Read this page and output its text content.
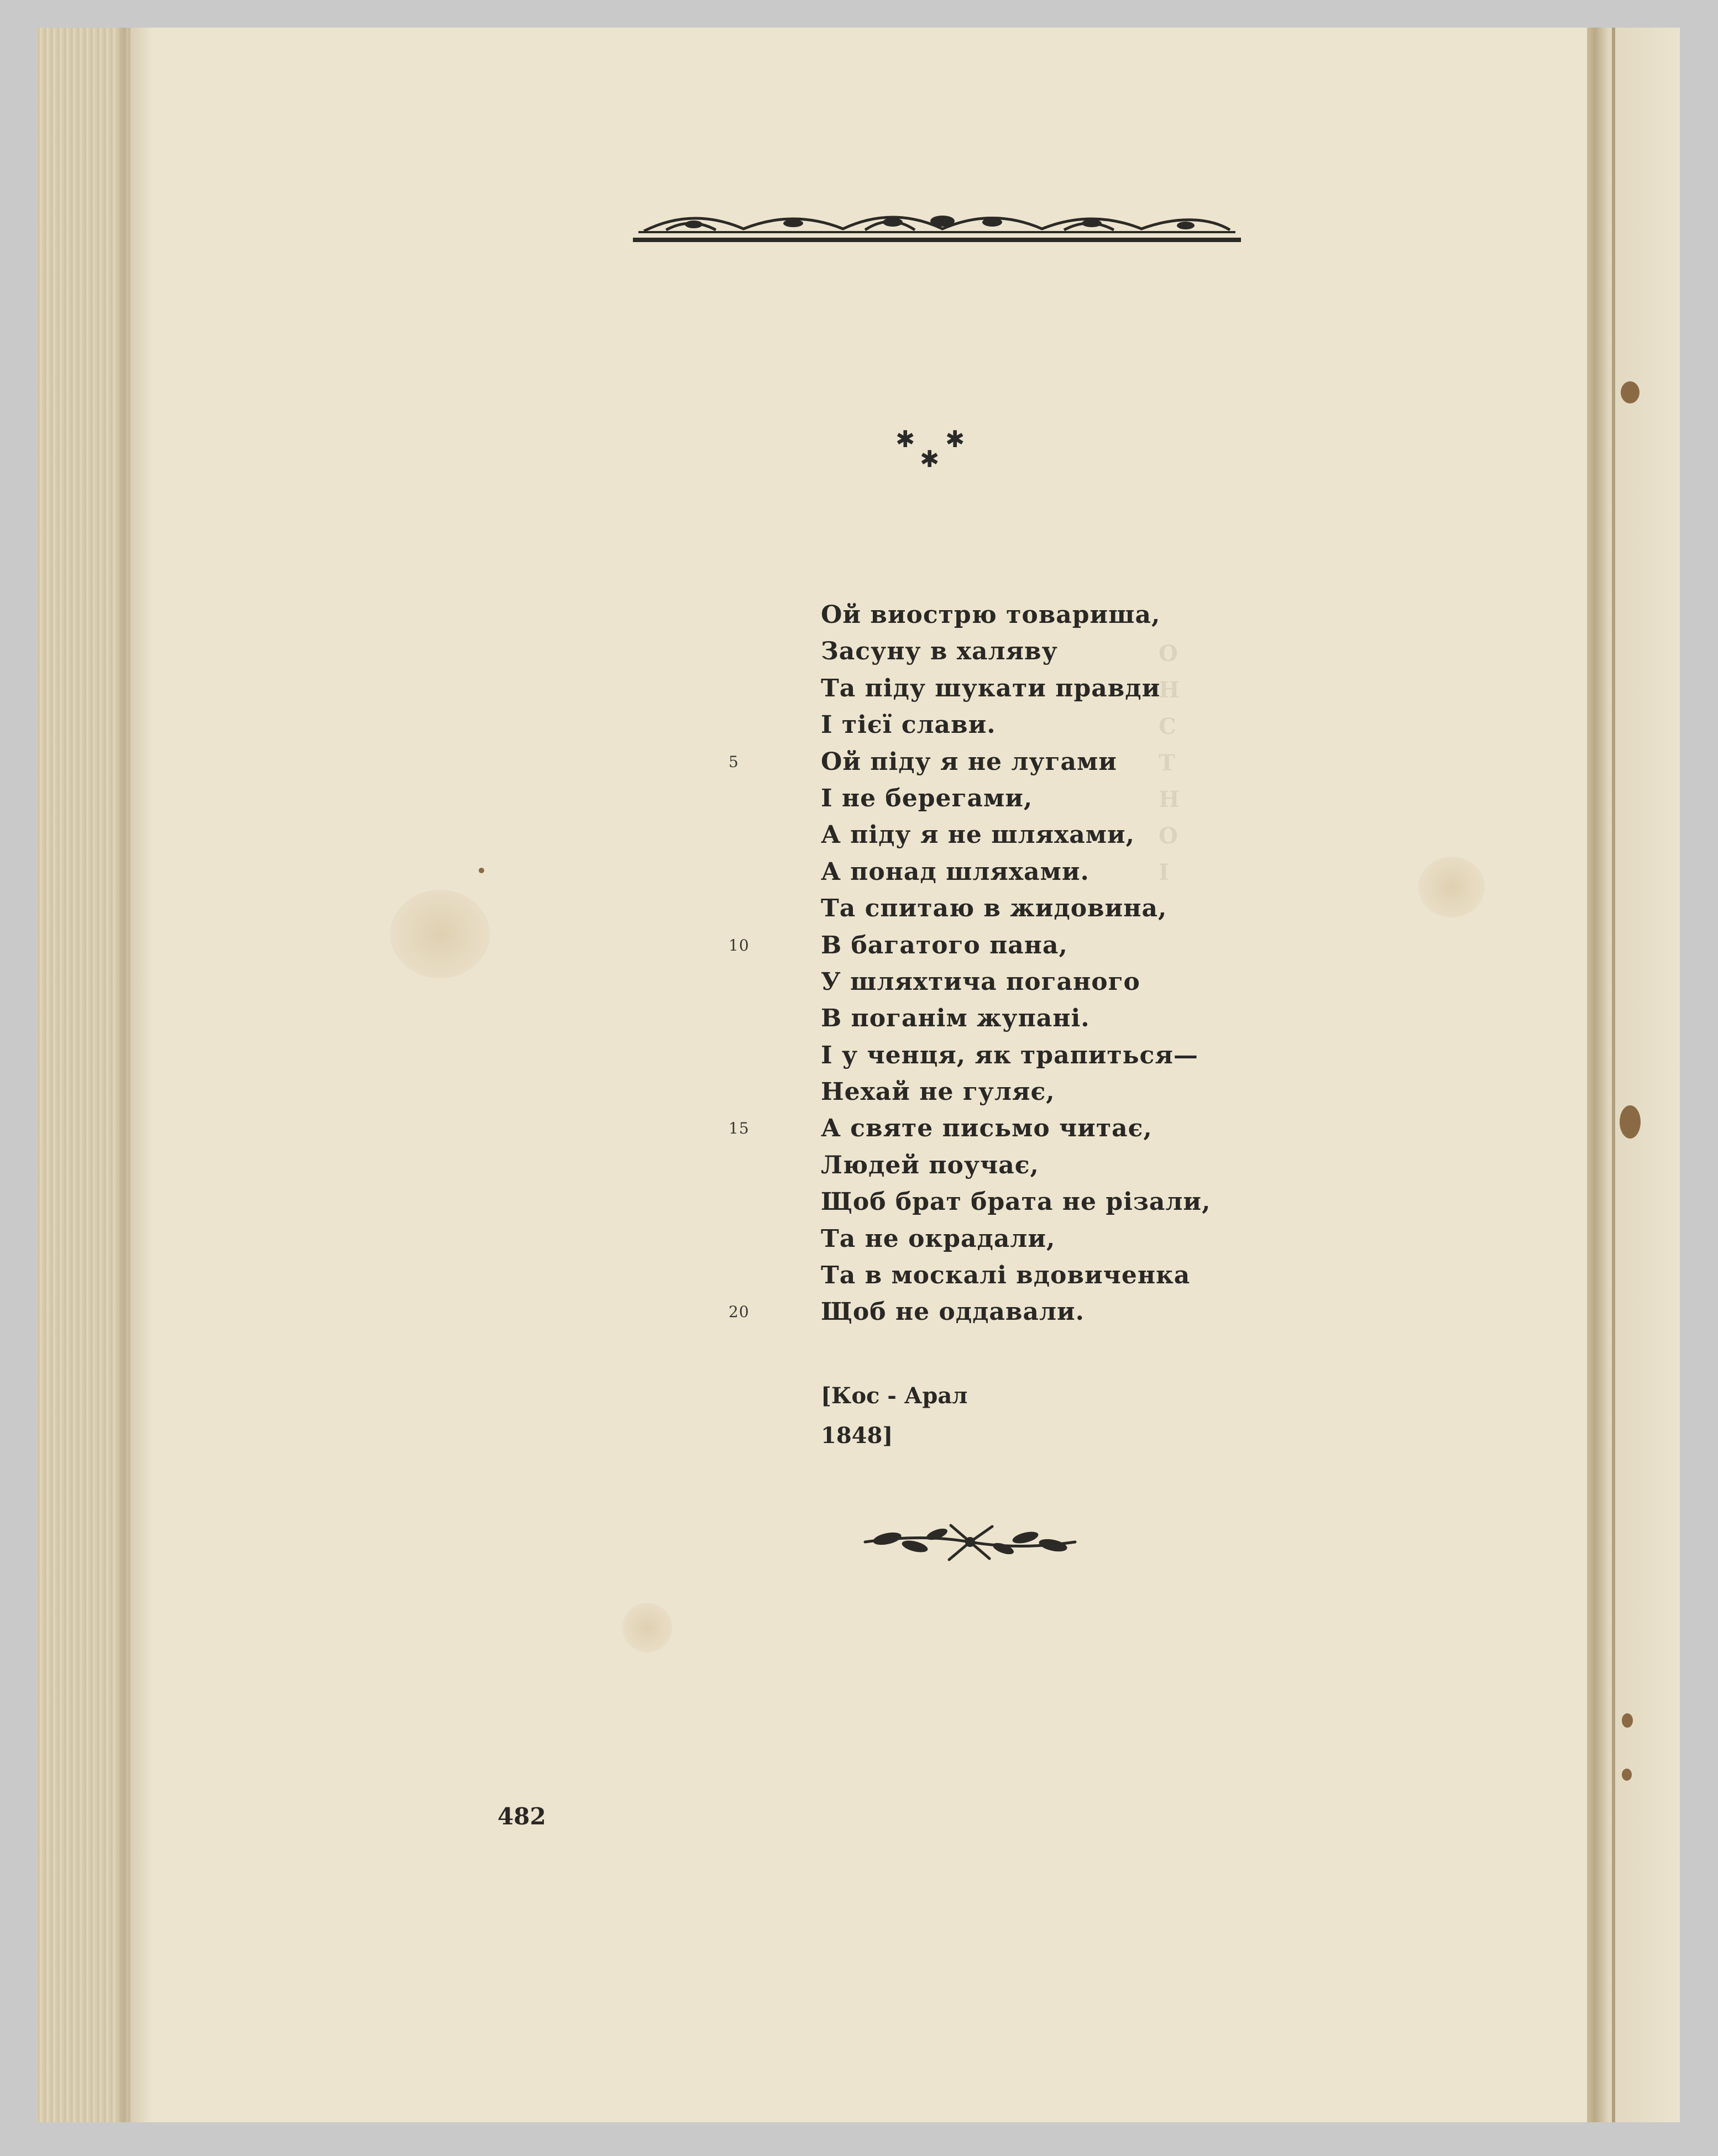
О
Н
С
Т
Н
О
І
✱ ✱
✱
Ой виострю товариша,
Засуну в халяву
Та піду шукати правди
І тієї слави.
5	Ой піду я не лугами
І не берегами,
А піду я не шляхами,
А понад шляхами.
Та спитаю в жидовина,
10	В багатого пана,
У шляхтича поганого
В поганім жупані.
І у ченця, як трапиться—
Нехай не гуляє,
15	А святе письмо читає,
Людей поучає,
Щоб брат брата не різали,
Та не окрадали,
Та в москалі вдовиченка
20	Щоб не оддавали.
[Кос - Арал
1848]
482
